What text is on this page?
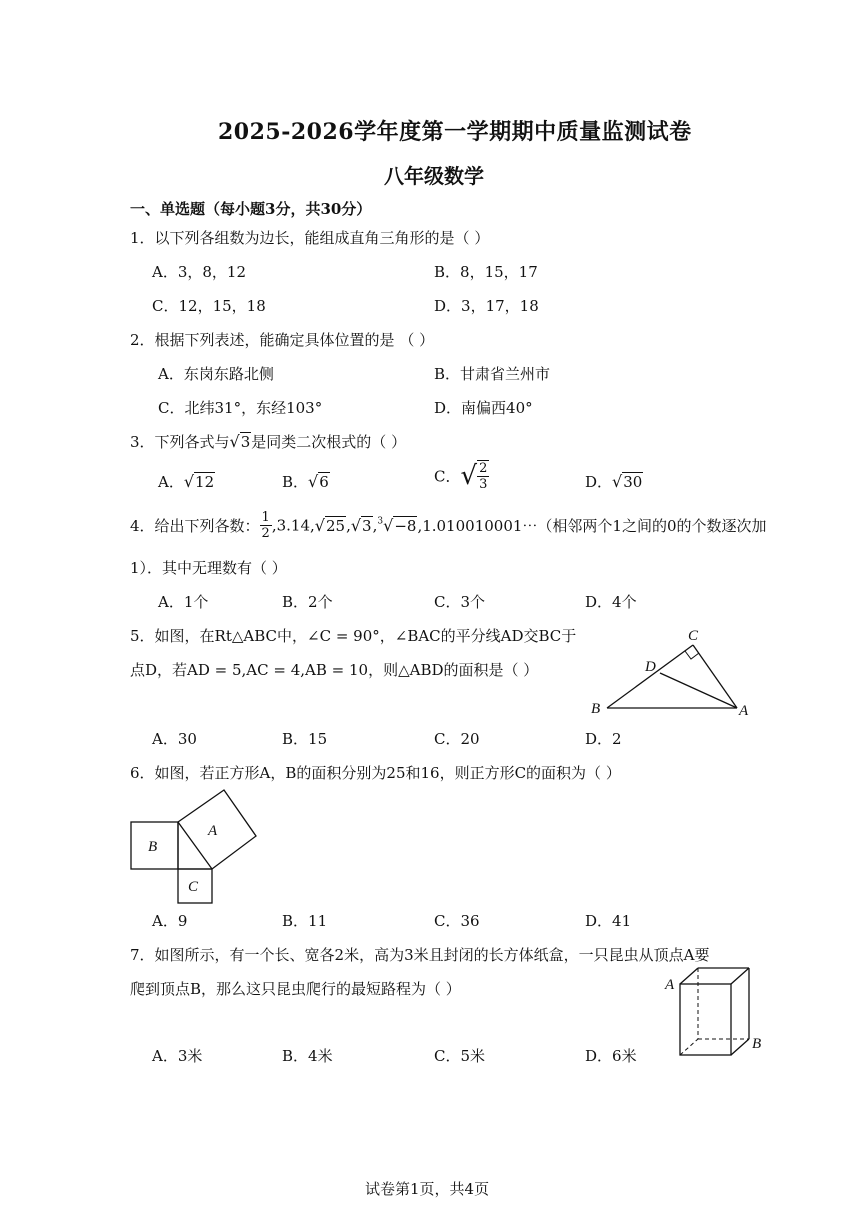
2025-2026学年度第一学期期中质量监测试卷
八年级数学
一、单选题（每小题3分，共30分）
1．以下列各组数为边长，能组成直角三角形的是（ ）
A．3，8，12	B．8，15，17
C．12，15，18	D．3，17，18
2．根据下列表述，能确定具体位置的是 （ ）
A．东岗东路北侧	B．甘肃省兰州市
C．北纬31°，东经103°	D．南偏西40°
3．下列各式与√3是同类二次根式的（ ）
A．√12	B．√6	C．√ $\frac{2}{3}$	D．√30
4．给出下列各数： $\frac{1}{2}$ ,3.14,√25,√3,$^3$√−8,1.010010001⋯（相邻两个1之间的0的个数逐次加
1）．其中无理数有（ ）
A．1个	B．2个	C．3个	D．4个
5．如图，在Rt△ABC中，∠C = 90°，∠BAC的平分线AD交BC于
点D，若AD = 5,AC = 4,AB = 10，则△ABD的面积是（ ）
C
D
B	A
A．30	B．15	C．20	D．2
6．如图，若正方形A，B的面积分别为25和16，则正方形C的面积为（ ）
A
B
C
A．9	B．11	C．36	D．41
7．如图所示，有一个长、宽各2米，高为3米且封闭的长方体纸盒，一只昆虫从顶点A要
爬到顶点B，那么这只昆虫爬行的最短路程为（ ）	A
B
A．3米	B．4米	C．5米	D．6米
试卷第1页，共4页
